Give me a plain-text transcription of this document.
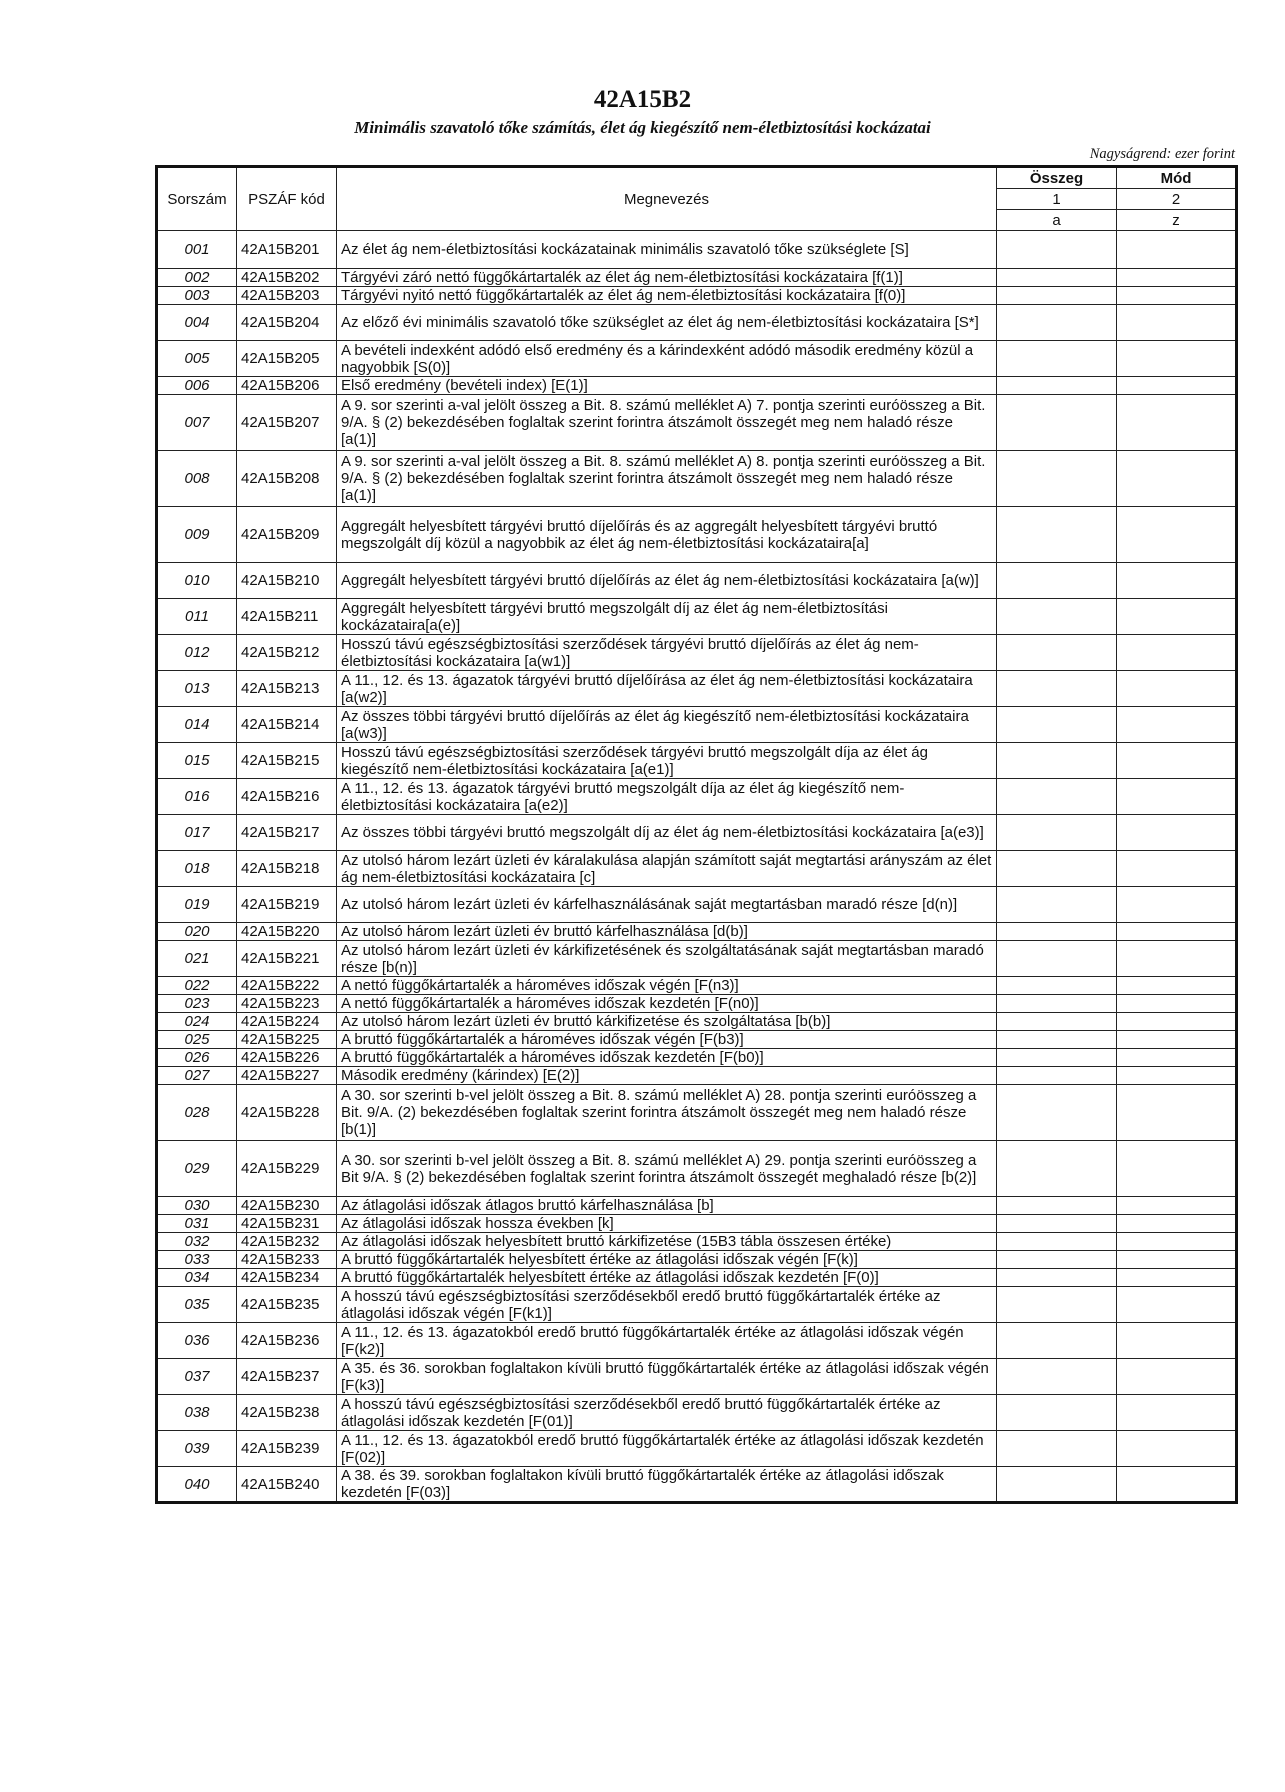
42A15B2
Minimális szavatoló tőke számítás, élet ág kiegészítő nem-életbiztosítási kockázatai
Nagyságrend: ezer forint
Sorszám	PSZÁF kód	Megnevezés	Összeg	Mód
			1	2
			a	z
001	42A15B201	Az élet ág nem-életbiztosítási kockázatainak minimális szavatoló tőke szükséglete [S]		
002	42A15B202	Tárgyévi záró nettó függőkártartalék az élet ág nem-életbiztosítási kockázataira [f(1)]		
003	42A15B203	Tárgyévi nyitó nettó függőkártartalék az élet ág nem-életbiztosítási kockázataira [f(0)]		
004	42A15B204	Az előző évi minimális szavatoló tőke szükséglet az élet ág nem-életbiztosítási kockázataira [S*]		
005	42A15B205	A bevételi indexként adódó első eredmény és a kárindexként adódó második eredmény közül a nagyobbik [S(0)]		
006	42A15B206	Első eredmény (bevételi index) [E(1)]		
007	42A15B207	A 9. sor szerinti a-val jelölt összeg a Bit. 8. számú melléklet A) 7. pontja szerinti euróösszeg a Bit. 9/A. § (2) bekezdésében foglaltak szerint forintra átszámolt összegét meg nem haladó része [a(1)]		
008	42A15B208	A 9. sor szerinti a-val jelölt összeg a Bit. 8. számú melléklet A) 8. pontja szerinti euróösszeg a Bit. 9/A. § (2) bekezdésében foglaltak szerint forintra átszámolt összegét meg nem haladó része [a(1)]		
009	42A15B209	Aggregált helyesbített tárgyévi bruttó díjelőírás és az aggregált helyesbített tárgyévi bruttó megszolgált díj közül a nagyobbik az élet ág nem-életbiztosítási kockázataira[a]		
010	42A15B210	Aggregált helyesbített tárgyévi bruttó díjelőírás az élet ág nem-életbiztosítási kockázataira [a(w)]		
011	42A15B211	Aggregált helyesbített tárgyévi bruttó megszolgált díj az élet ág nem-életbiztosítási kockázataira[a(e)]		
012	42A15B212	Hosszú távú egészségbiztosítási szerződések tárgyévi bruttó díjelőírás az élet ág nem-életbiztosítási kockázataira [a(w1)]		
013	42A15B213	A 11., 12. és 13. ágazatok tárgyévi bruttó díjelőírása az élet ág nem-életbiztosítási kockázataira [a(w2)]		
014	42A15B214	Az összes többi tárgyévi bruttó díjelőírás az élet ág kiegészítő nem-életbiztosítási kockázataira [a(w3)]		
015	42A15B215	Hosszú távú egészségbiztosítási szerződések tárgyévi bruttó megszolgált díja az élet ág kiegészítő nem-életbiztosítási kockázataira [a(e1)]		
016	42A15B216	A 11., 12. és 13. ágazatok tárgyévi bruttó megszolgált díja az élet ág kiegészítő nem-életbiztosítási kockázataira [a(e2)]		
017	42A15B217	Az összes többi tárgyévi bruttó megszolgált díj az élet ág nem-életbiztosítási kockázataira [a(e3)]		
018	42A15B218	Az utolsó három lezárt üzleti év káralakulása alapján számított saját megtartási arányszám az élet ág nem-életbiztosítási kockázataira [c]		
019	42A15B219	Az utolsó három lezárt üzleti év kárfelhasználásának saját megtartásban maradó része [d(n)]		
020	42A15B220	Az utolsó három lezárt üzleti év bruttó kárfelhasználása [d(b)]		
021	42A15B221	Az utolsó három lezárt üzleti év kárkifizetésének és szolgáltatásának saját megtartásban maradó része [b(n)]		
022	42A15B222	A nettó függőkártartalék a hároméves időszak végén [F(n3)]		
023	42A15B223	A nettó függőkártartalék a hároméves időszak kezdetén [F(n0)]		
024	42A15B224	Az utolsó három lezárt üzleti év bruttó kárkifizetése és szolgáltatása [b(b)]		
025	42A15B225	A bruttó függőkártartalék a hároméves időszak végén [F(b3)]		
026	42A15B226	A bruttó függőkártartalék a hároméves időszak kezdetén [F(b0)]		
027	42A15B227	Második eredmény (kárindex) [E(2)]		
028	42A15B228	A 30. sor szerinti b-vel jelölt összeg a Bit. 8. számú melléklet A) 28. pontja szerinti euróösszeg a Bit. 9/A. (2) bekezdésében foglaltak szerint forintra átszámolt összegét meg nem haladó része [b(1)]		
029	42A15B229	A 30. sor szerinti b-vel jelölt összeg a Bit. 8. számú melléklet A) 29. pontja szerinti euróösszeg a Bit 9/A. § (2) bekezdésében foglaltak szerint forintra átszámolt összegét meghaladó része [b(2)]		
030	42A15B230	Az átlagolási időszak átlagos bruttó kárfelhasználása [b]		
031	42A15B231	Az átlagolási időszak hossza években [k]		
032	42A15B232	Az átlagolási időszak helyesbített bruttó kárkifizetése (15B3 tábla összesen értéke)		
033	42A15B233	A bruttó függőkártartalék helyesbített értéke az átlagolási időszak végén [F(k)]		
034	42A15B234	A bruttó függőkártartalék helyesbített értéke az átlagolási időszak kezdetén [F(0)]		
035	42A15B235	A hosszú távú egészségbiztosítási szerződésekből eredő bruttó függőkártartalék értéke az átlagolási időszak végén [F(k1)]		
036	42A15B236	A 11., 12. és 13. ágazatokból eredő bruttó függőkártartalék értéke az átlagolási időszak végén [F(k2)]		
037	42A15B237	A 35. és 36. sorokban foglaltakon kívüli bruttó függőkártartalék értéke az átlagolási időszak végén [F(k3)]		
038	42A15B238	A hosszú távú egészségbiztosítási szerződésekből eredő bruttó függőkártartalék értéke az átlagolási időszak kezdetén [F(01)]		
039	42A15B239	A 11., 12. és 13. ágazatokból eredő bruttó függőkártartalék értéke az átlagolási időszak kezdetén [F(02)]		
040	42A15B240	A 38. és 39. sorokban foglaltakon kívüli bruttó függőkártartalék értéke az átlagolási időszak kezdetén [F(03)]		
